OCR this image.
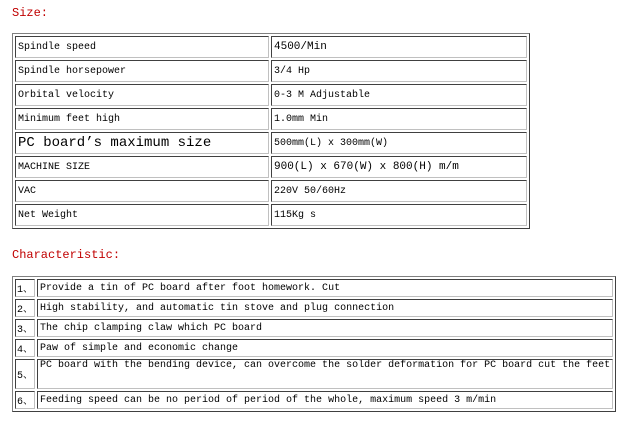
Size:
Spindle speed	4500/Min
Spindle horsepower	3/4 Hp
Orbital velocity	0-3 M Adjustable
Minimum feet high	1.0mm Min
PC board’s maximum size	500mm(L) x 300mm(W)
MACHINE SIZE	900(L) x 670(W) x 800(H) m/m
VAC	220V 50/60Hz
Net Weight	115Kg s
Characteristic:
1、	Provide a tin of PC board after foot homework. Cut
2、	High stability, and automatic tin stove and plug connection
3、	The chip clamping claw which PC board
4、	Paw of simple and economic change
5、	PC board with the bending device, can overcome the solder deformation for PC board cut the feet
6、	Feeding speed can be no period of period of the whole, maximum speed 3 m/min
